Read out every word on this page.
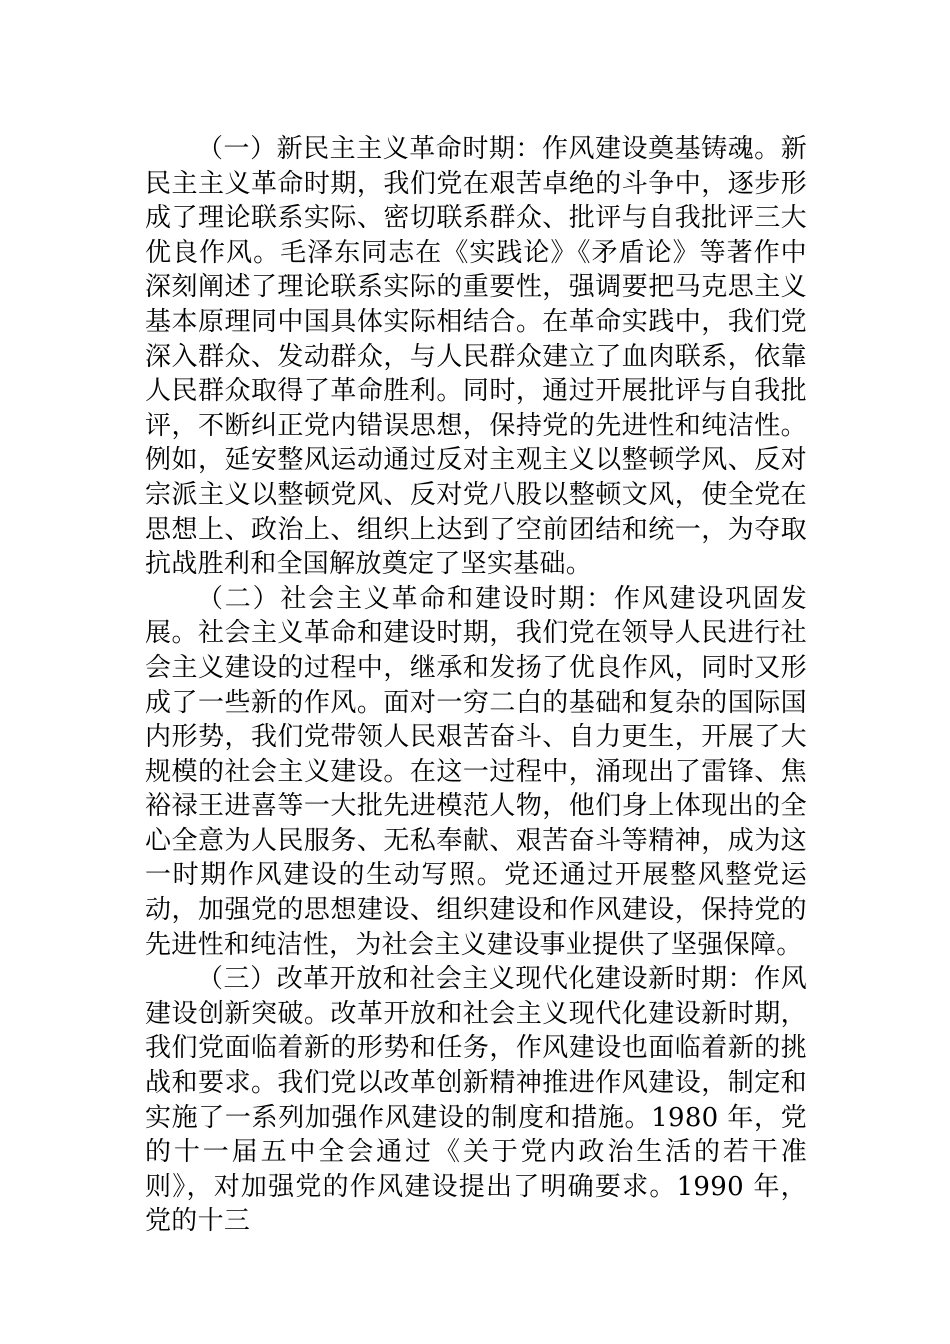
（一）新民主主义革命时期：作风建设奠基铸魂。新民主主义革命时期，我们党在艰苦卓绝的斗争中，逐步形成了理论联系实际、密切联系群众、批评与自我批评三大优良作风。毛泽东同志在《实践论》《矛盾论》等著作中深刻阐述了理论联系实际的重要性，强调要把马克思主义基本原理同中国具体实际相结合。在革命实践中，我们党深入群众、发动群众，与人民群众建立了血肉联系，依靠人民群众取得了革命胜利。同时，通过开展批评与自我批评，不断纠正党内错误思想，保持党的先进性和纯洁性。例如，延安整风运动通过反对主观主义以整顿学风、反对宗派主义以整顿党风、反对党八股以整顿文风，使全党在思想上、政治上、组织上达到了空前团结和统一，为夺取抗战胜利和全国解放奠定了坚实基础。

（二）社会主义革命和建设时期：作风建设巩固发展。社会主义革命和建设时期，我们党在领导人民进行社会主义建设的过程中，继承和发扬了优良作风，同时又形成了一些新的作风。面对一穷二白的基础和复杂的国际国内形势，我们党带领人民艰苦奋斗、自力更生，开展了大规模的社会主义建设。在这一过程中，涌现出了雷锋、焦裕禄王进喜等一大批先进模范人物，他们身上体现出的全心全意为人民服务、无私奉献、艰苦奋斗等精神，成为这一时期作风建设的生动写照。党还通过开展整风整党运动，加强党的思想建设、组织建设和作风建设，保持党的先进性和纯洁性，为社会主义建设事业提供了坚强保障。

（三）改革开放和社会主义现代化建设新时期：作风建设创新突破。改革开放和社会主义现代化建设新时期，我们党面临着新的形势和任务，作风建设也面临着新的挑战和要求。我们党以改革创新精神推进作风建设，制定和实施了一系列加强作风建设的制度和措施。1980 年，党的十一届五中全会通过《关于党内政治生活的若干准则》，对加强党的作风建设提出了明确要求。1990 年，党的十三
